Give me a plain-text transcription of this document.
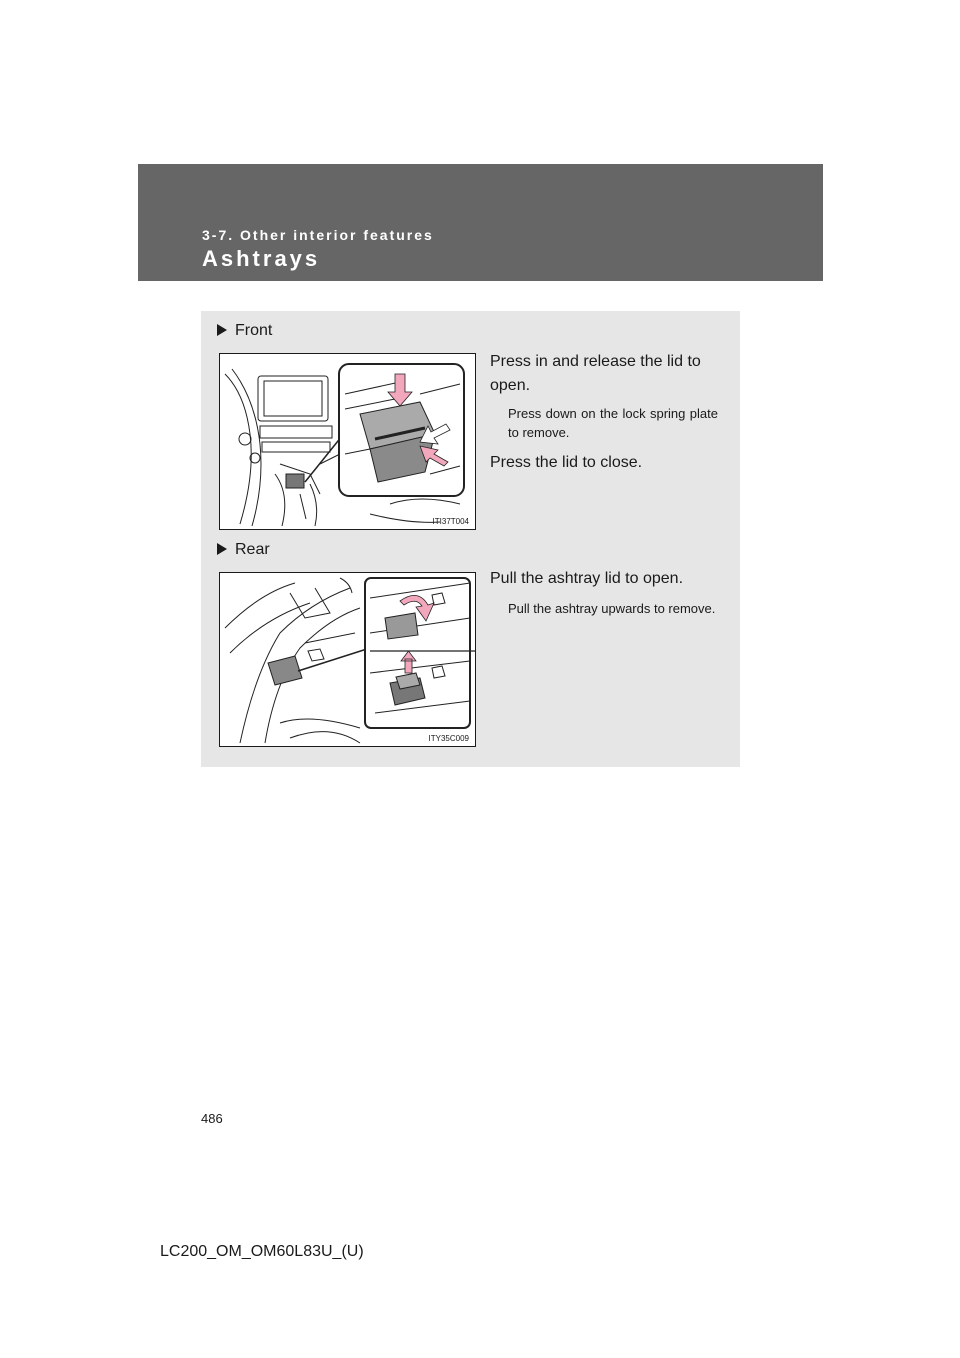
3-7. Other interior features
Ashtrays
Front
ITI37T004
Press in and release the lid to open.
Press down on the lock spring plate to remove.
Press the lid to close.
Rear
ITY35C009
Pull the ashtray lid to open.
Pull the ashtray upwards to remove.
486
LC200_OM_OM60L83U_(U)
